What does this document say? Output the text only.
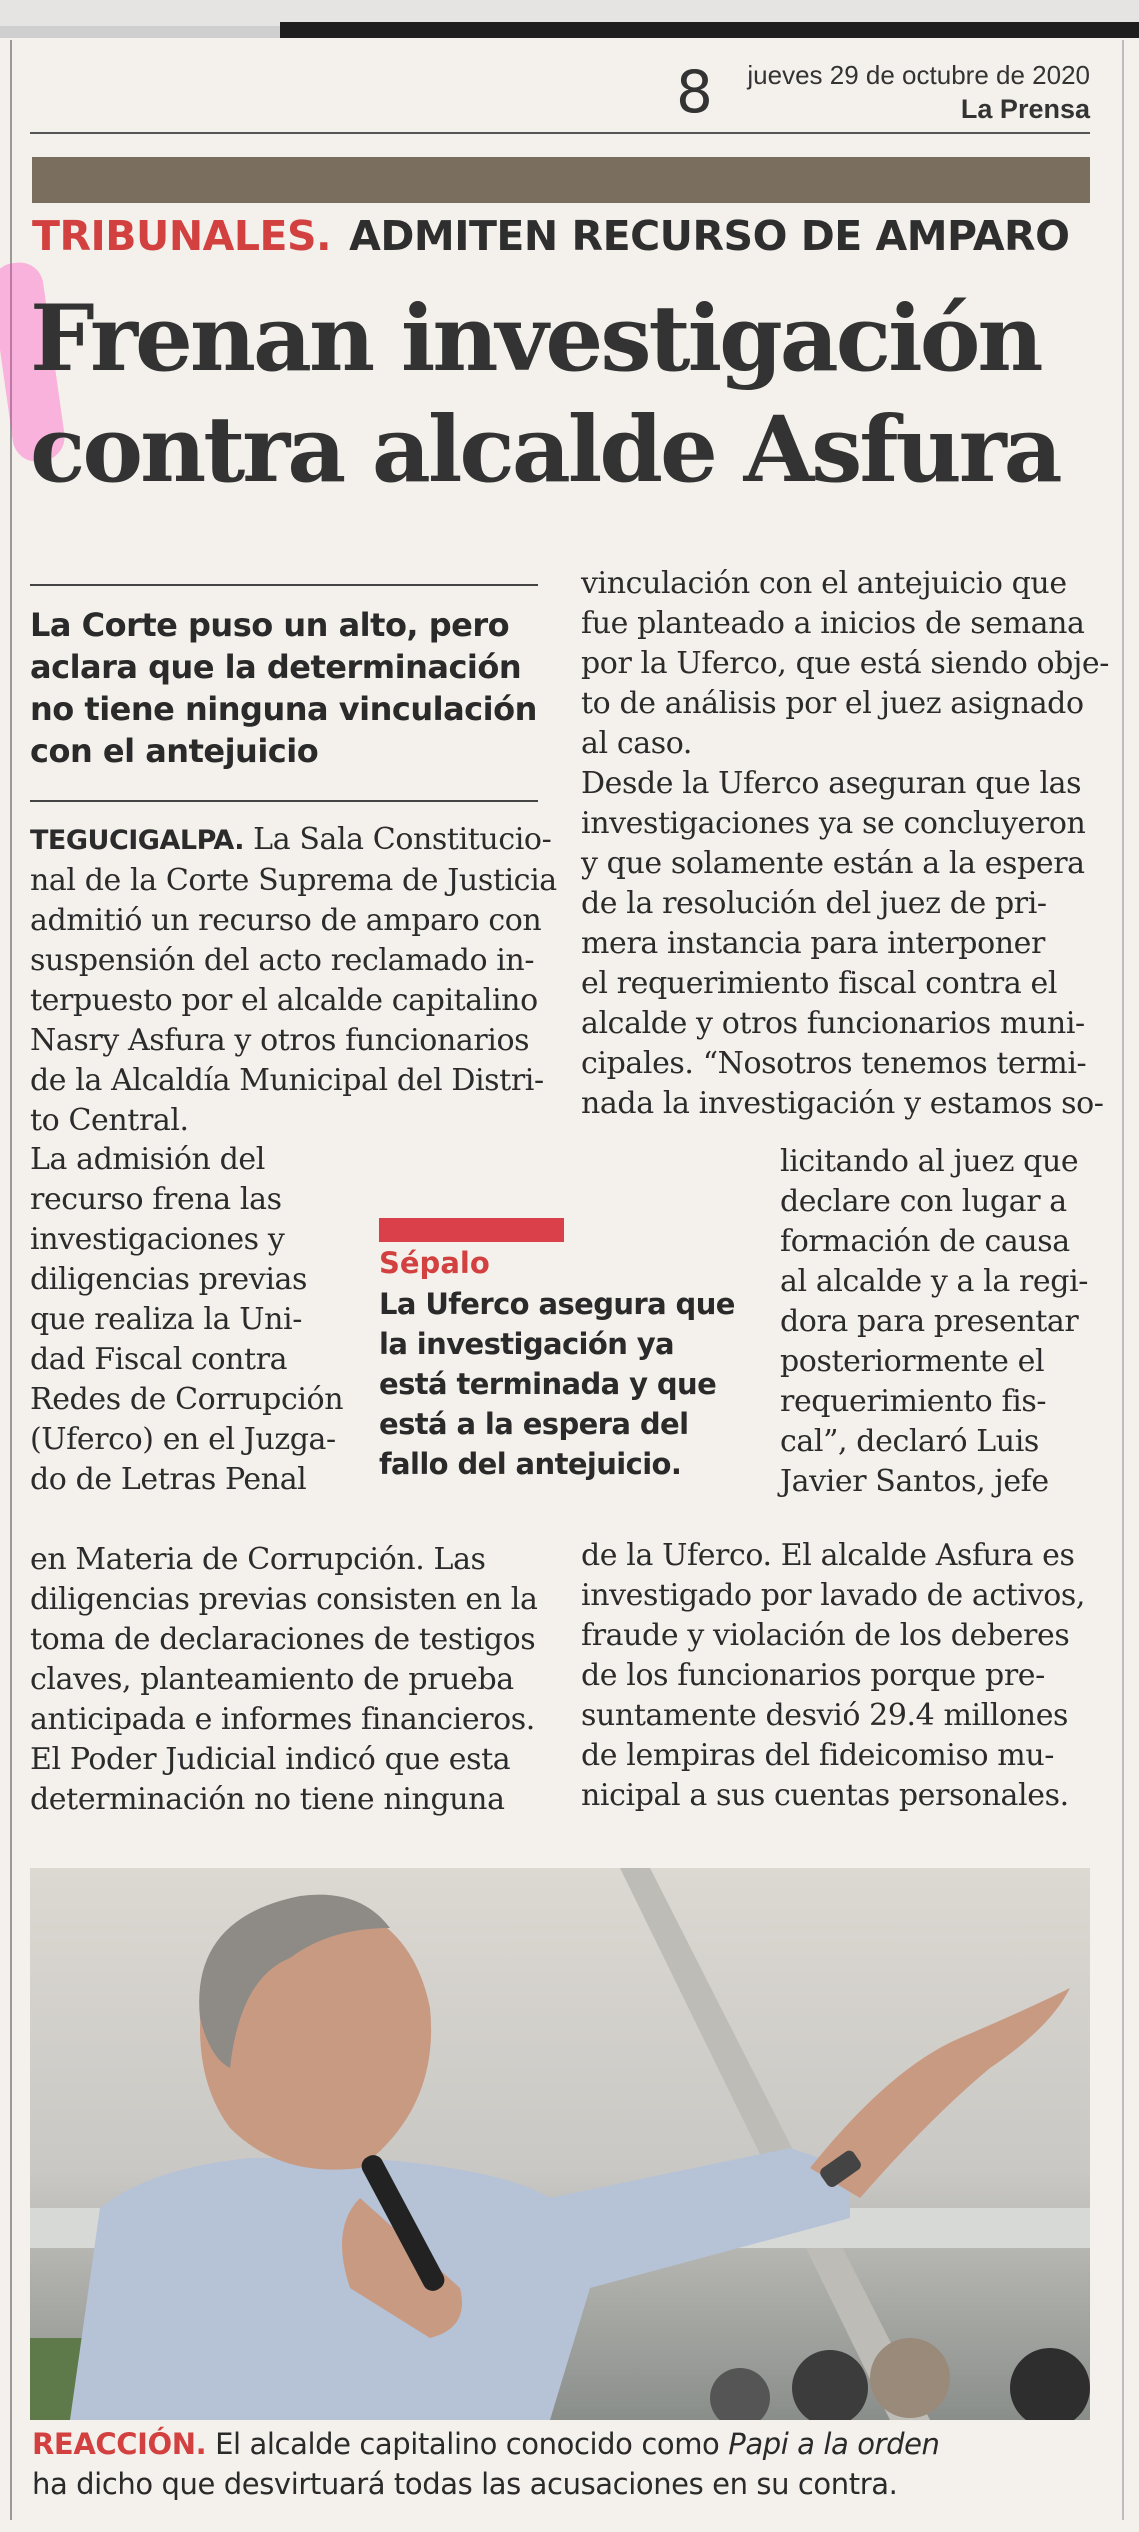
8 jueves 29 de octubre de 2020
La Prensa
TRIBUNALES. ADMITEN RECURSO DE AMPARO
Frenan investigación
contra alcalde Asfura
La Corte puso un alto, pero
aclara que la determinación
no tiene ninguna vinculación
con el antejuicio
TEGUCIGALPA. La Sala Constitucio-
nal de la Corte Suprema de Justicia
admitió un recurso de amparo con
suspensión del acto reclamado in-
terpuesto por el alcalde capitalino
Nasry Asfura y otros funcionarios
de la Alcaldía Municipal del Distri-
to Central.
La admisión del
recurso frena las
investigaciones y
diligencias previas
que realiza la Uni-
dad Fiscal contra
Redes de Corrupción
(Uferco) en el Juzga-
do de Letras Penal
en Materia de Corrupción. Las
diligencias previas consisten en la
toma de declaraciones de testigos
claves, planteamiento de prueba
anticipada e informes financieros.
El Poder Judicial indicó que esta
determinación no tiene ninguna
Sépalo
La Uferco asegura que
la investigación ya
está terminada y que
está a la espera del
fallo del antejuicio.
vinculación con el antejuicio que
fue planteado a inicios de semana
por la Uferco, que está siendo obje-
to de análisis por el juez asignado
al caso.
Desde la Uferco aseguran que las
investigaciones ya se concluyeron
y que solamente están a la espera
de la resolución del juez de pri-
mera instancia para interponer
el requerimiento fiscal contra el
alcalde y otros funcionarios muni-
cipales. “Nosotros tenemos termi-
nada la investigación y estamos so-
licitando al juez que
declare con lugar a
formación de causa
al alcalde y a la regi-
dora para presentar
posteriormente el
requerimiento fis-
cal”, declaró Luis
Javier Santos, jefe
de la Uferco. El alcalde Asfura es
investigado por lavado de activos,
fraude y violación de los deberes
de los funcionarios porque pre-
suntamente desvió 29.4 millones
de lempiras del fideicomiso mu-
nicipal a sus cuentas personales.
REACCIÓN. El alcalde capitalino conocido como Papi a la orden
ha dicho que desvirtuará todas las acusaciones en su contra.
